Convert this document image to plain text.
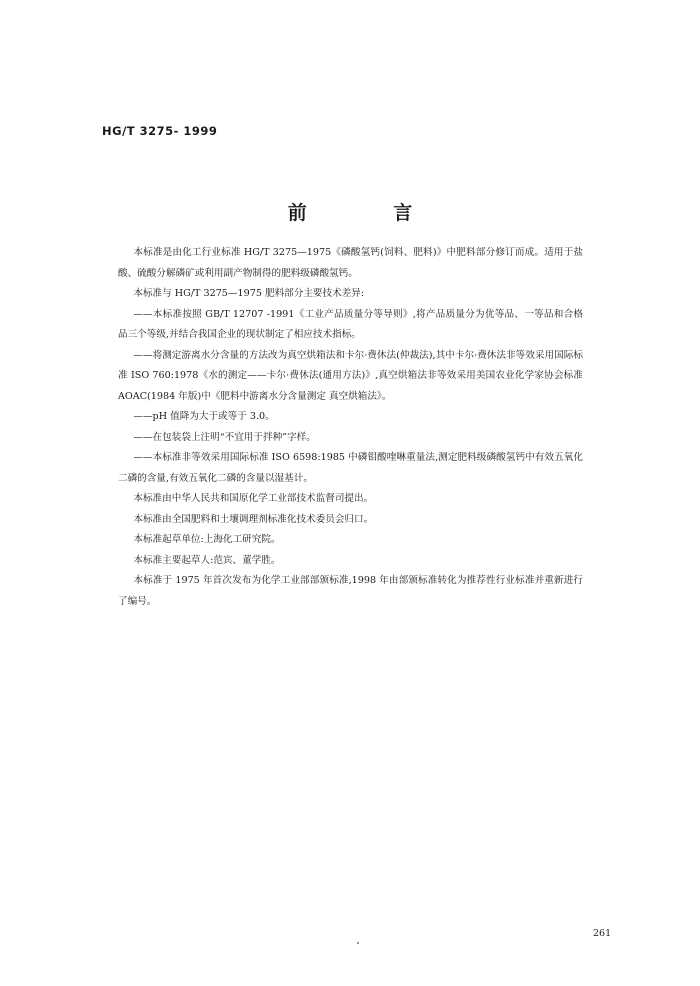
HG/T 3275- 1999
前 言

本标准是由化工行业标准 HG/T 3275—1975《磷酸氢钙(饲料、肥料)》中肥料部分修订而成。适用于盐酸、硫酸分解磷矿或利用副产物制得的肥料级磷酸氢钙。

本标准与 HG/T 3275—1975 肥料部分主要技术差异:

——本标准按照 GB/T 12707 -1991《工业产品质量分等导则》,将产品质量分为优等品、一等品和合格品三个等级,并结合我国企业的现状制定了相应技术指标。

——将测定游离水分含量的方法改为真空烘箱法和卡尔·费休法(仲裁法),其中卡尔·费休法非等效采用国际标准 ISO 760:1978《水的测定——卡尔·费休法(通用方法)》,真空烘箱法非等效采用美国农业化学家协会标准 AOAC(1984 年版)中《肥料中游离水分含量测定 真空烘箱法》。

——pH 值降为大于或等于 3.0。

——在包装袋上注明“不宜用于拌种”字样。

——本标准非等效采用国际标准 ISO 6598:1985 中磷钼酸喹啉重量法,测定肥料级磷酸氢钙中有效五氧化二磷的含量,有效五氧化二磷的含量以湿基计。

本标准由中华人民共和国原化学工业部技术监督司提出。

本标准由全国肥料和土壤调理剂标准化技术委员会归口。

本标准起草单位:上海化工研究院。

本标准主要起草人:范宾、董学胜。

本标准于 1975 年首次发布为化学工业部部颁标准,1998 年由部颁标准转化为推荐性行业标准并重新进行了编号。

261
